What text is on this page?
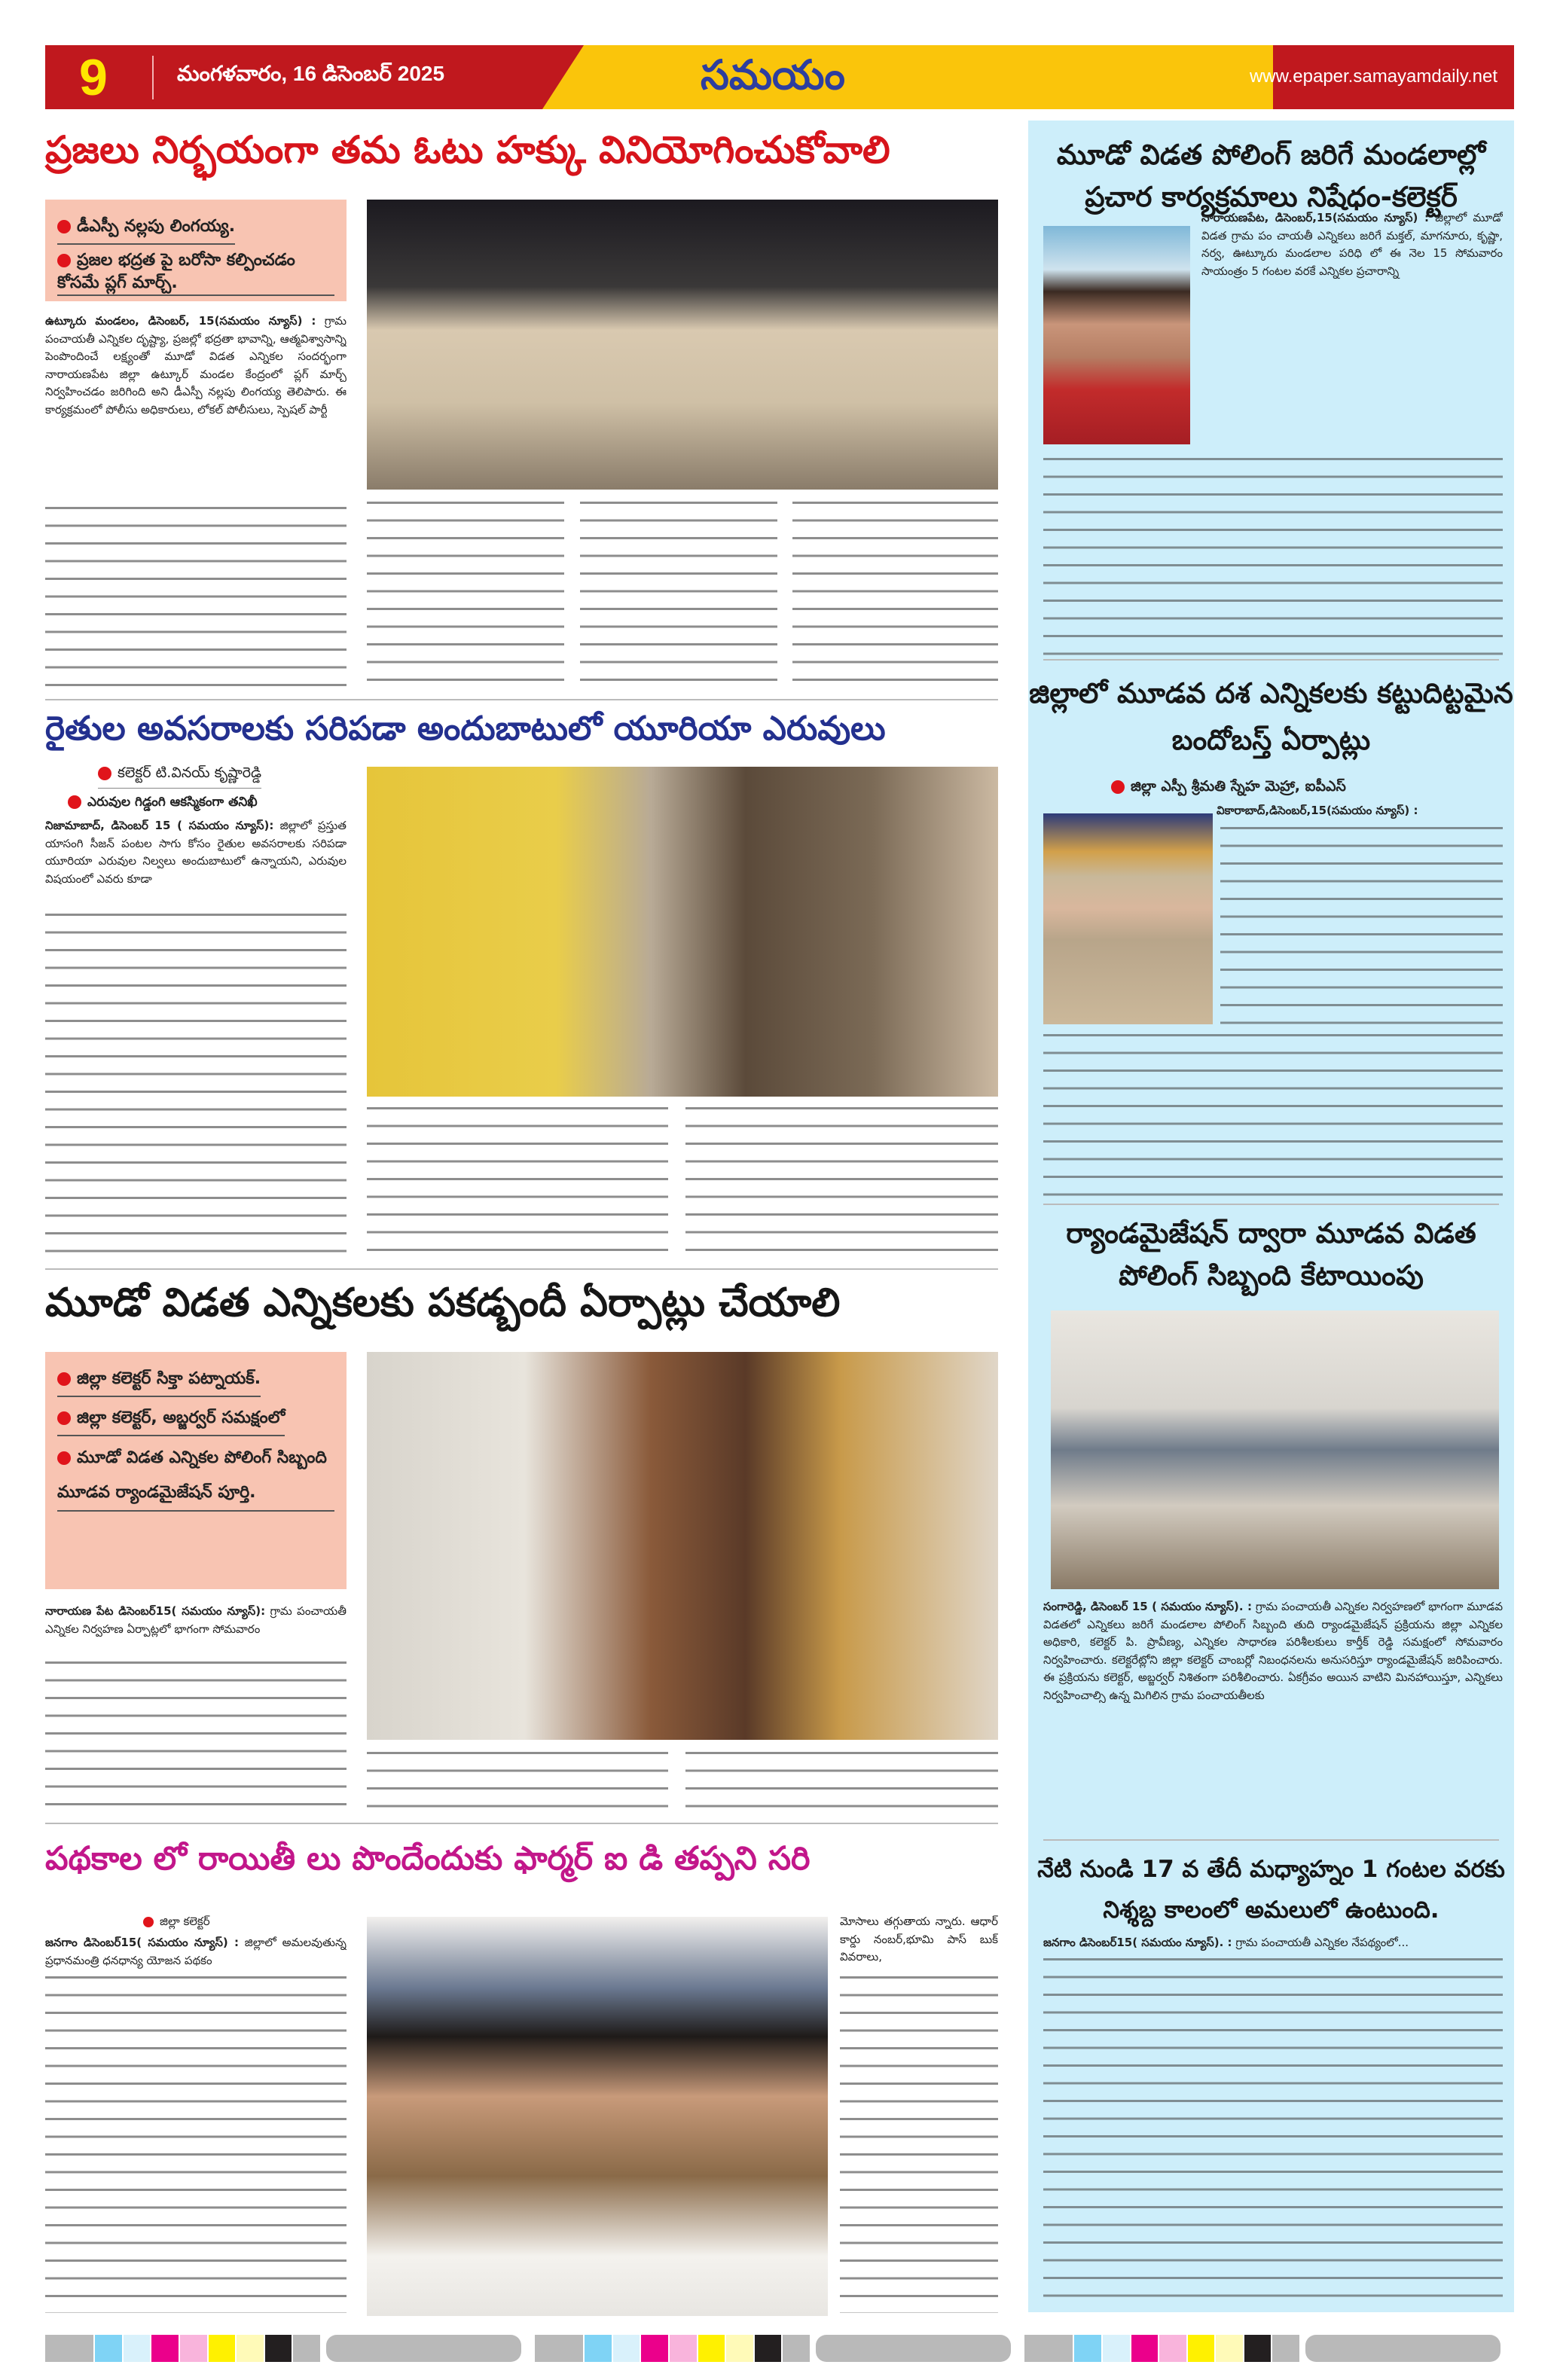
9	మంగళవారం, 16 డిసెంబర్ 2025	సమయం	www.epaper.samayamdaily.net
మూడో విడత పోలింగ్ జరిగే మండలాల్లో ప్రచార కార్యక్రమాలు నిషేధం-కలెక్టర్
నారాయణపేట, డిసెంబర్,15(సమయం న్యూస్) : జిల్లాలో మూడో విడత గ్రామ పం చాయతీ ఎన్నికలు జరిగే మక్తల్, మాగనూరు, కృష్ణా, నర్వ, ఊట్కూరు మండలాల పరిధి లో ఈ నెల 15 సోమవారం సాయంత్రం 5 గంటల వరకే ఎన్నికల ప్రచారాన్ని
జిల్లాలో మూడవ దశ ఎన్నికలకు కట్టుదిట్టమైన బందోబస్త్ ఏర్పాట్లు
జిల్లా ఎస్పీ శ్రీమతి స్నేహ మెహ్రా, ఐపీఎస్
వికారాబాద్,డిసెంబర్,15(సమయం న్యూస్) :
ర్యాండమైజేషన్ ద్వారా మూడవ విడత పోలింగ్ సిబ్బంది కేటాయింపు
సంగారెడ్డి, డిసెంబర్ 15 ( సమయం న్యూస్). : గ్రామ పంచాయతీ ఎన్నికల నిర్వహణలో భాగంగా మూడవ విడతలో ఎన్నికలు జరిగే మండలాల పోలింగ్ సిబ్బంది తుది ర్యాండమైజేషన్ ప్రక్రియను జిల్లా ఎన్నికల అధికారి, కలెక్టర్ పి. ప్రావీణ్య, ఎన్నికల సాధారణ పరిశీలకులు కార్తీక్ రెడ్డి సమక్షంలో సోమవారం నిర్వహించారు. కలెక్టరేట్లోని జిల్లా కలెక్టర్ చాంబర్లో నిబంధనలను అనుసరిస్తూ ర్యాండమైజేషన్ జరిపించారు. ఈ ప్రక్రియను కలెక్టర్, అబ్జర్వర్ నిశితంగా పరిశీలించారు. ఏకగ్రీవం అయిన వాటిని మినహాయిస్తూ, ఎన్నికలు నిర్వహించాల్సి ఉన్న మిగిలిన గ్రామ పంచాయతీలకు
నేటి నుండి 17 వ తేదీ మధ్యాహ్నం 1 గంటల వరకు నిశ్శబ్ద కాలంలో అమలులో ఉంటుంది.
జనగాం డిసెంబర్15( సమయం న్యూస్). : గ్రామ పంచాయతీ ఎన్నికల నేపథ్యంలో...
ప్రజలు నిర్భయంగా తమ ఓటు హక్కు వినియోగించుకోవాలి
డీఎస్పీ నల్లపు లింగయ్య.
ప్రజల భద్రత పై బరోసా కల్పించడం కోసమే ప్లగ్ మార్చ్.
ఉట్కూరు మండలం, డిసెంబర్, 15(సమయం న్యూస్) : గ్రామ పంచాయతీ ఎన్నికల దృష్ట్యా, ప్రజల్లో భద్రతా భావాన్ని, ఆత్మవిశ్వాసాన్ని పెంపొందించే లక్ష్యంతో మూడో విడత ఎన్నికల సందర్భంగా నారాయణపేట జిల్లా ఉట్కూర్ మండల కేంద్రంలో ప్లగ్ మార్చ్ నిర్వహించడం జరిగింది అని డీఎస్పీ నల్లపు లింగయ్య తెలిపారు. ఈ కార్యక్రమంలో పోలీసు అధికారులు, లోకల్ పోలీసులు, స్పెషల్ పార్టీ
రైతుల అవసరాలకు సరిపడా అందుబాటులో యూరియా ఎరువులు
కలెక్టర్ టి.వినయ్ కృష్ణారెడ్డి
ఎరువుల గిడ్డంగి ఆకస్మికంగా తనిఖీ
నిజామాబాద్, డిసెంబర్ 15 ( సమయం న్యూస్): జిల్లాలో ప్రస్తుత యాసంగి సీజన్ పంటల సాగు కోసం రైతుల అవసరాలకు సరిపడా యూరియా ఎరువుల నిల్వలు అందుబాటులో ఉన్నాయని, ఎరువుల విషయంలో ఎవరు కూడా
మూడో విడత ఎన్నికలకు పకడ్బందీ ఏర్పాట్లు చేయాలి
జిల్లా కలెక్టర్ సిక్తా పట్నాయక్.
జిల్లా కలెక్టర్, అబ్జర్వర్ సమక్షంలో
మూడో విడత ఎన్నికల పోలింగ్ సిబ్బంది మూడవ ర్యాండమైజేషన్ పూర్తి.
నారాయణ పేట డిసెంబర్15( సమయం న్యూస్): గ్రామ పంచాయతీ ఎన్నికల నిర్వహణ ఏర్పాట్లలో భాగంగా సోమవారం
పథకాల లో రాయితీ లు పొందేందుకు ఫార్మర్ ఐ డి తప్పని సరి
జిల్లా కలెక్టర్
జనగాం డిసెంబర్15( సమయం న్యూస్) : జిల్లాలో అమలవుతున్న ప్రధానమంత్రి ధనధాన్య యోజన పథకం
మోసాలు తగ్గుతాయ న్నారు. ఆధార్ కార్డు నంబర్,భూమి పాస్ బుక్ వివరాలు,
